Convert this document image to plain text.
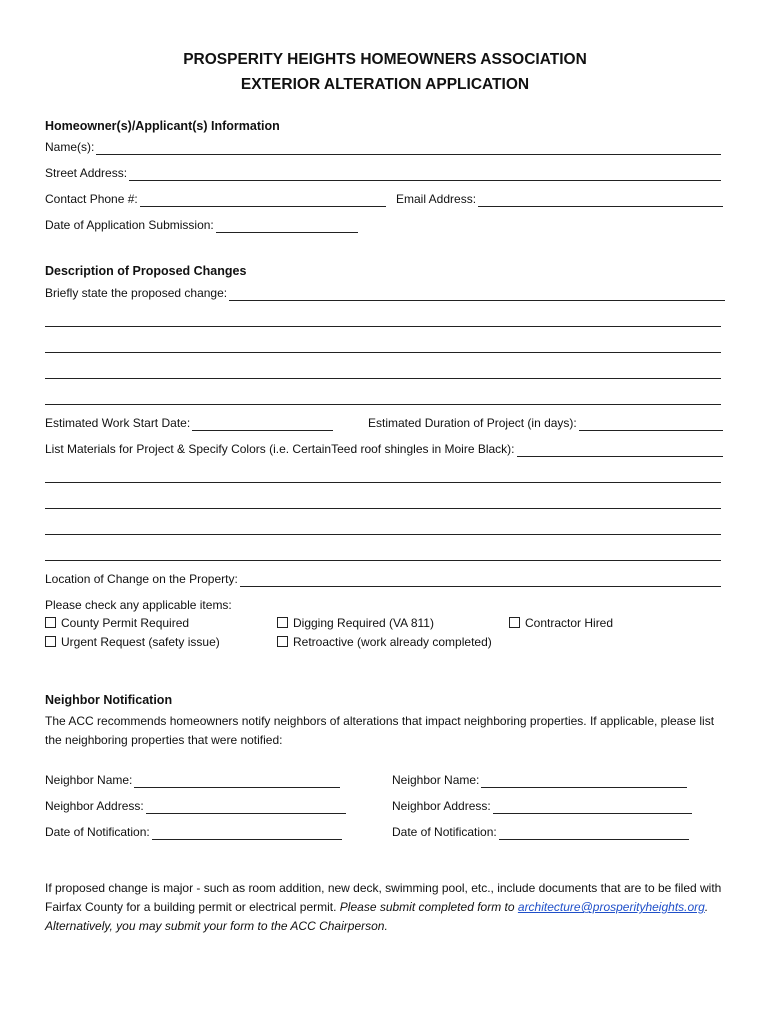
PROSPERITY HEIGHTS HOMEOWNERS ASSOCIATION
EXTERIOR ALTERATION APPLICATION
Homeowner(s)/Applicant(s) Information
Name(s):
Street Address:
Contact Phone #:	Email Address:
Date of Application Submission:
Description of Proposed Changes
Briefly state the proposed change:
Estimated Work Start Date:	Estimated Duration of Project (in days):
List Materials for Project & Specify Colors (i.e. CertainTeed roof shingles in Moire Black):
Location of Change on the Property:
Please check any applicable items:
County Permit Required	Digging Required (VA 811)	Contractor Hired
Urgent Request (safety issue)	Retroactive (work already completed)
Neighbor Notification
The ACC recommends homeowners notify neighbors of alterations that impact neighboring properties. If applicable, please list the neighboring properties that were notified:
Neighbor Name:	Neighbor Name:
Neighbor Address:	Neighbor Address:
Date of Notification:	Date of Notification:
If proposed change is major - such as room addition, new deck, swimming pool, etc., include documents that are to be filed with Fairfax County for a building permit or electrical permit. Please submit completed form to architecture@prosperityheights.org. Alternatively, you may submit your form to the ACC Chairperson.
